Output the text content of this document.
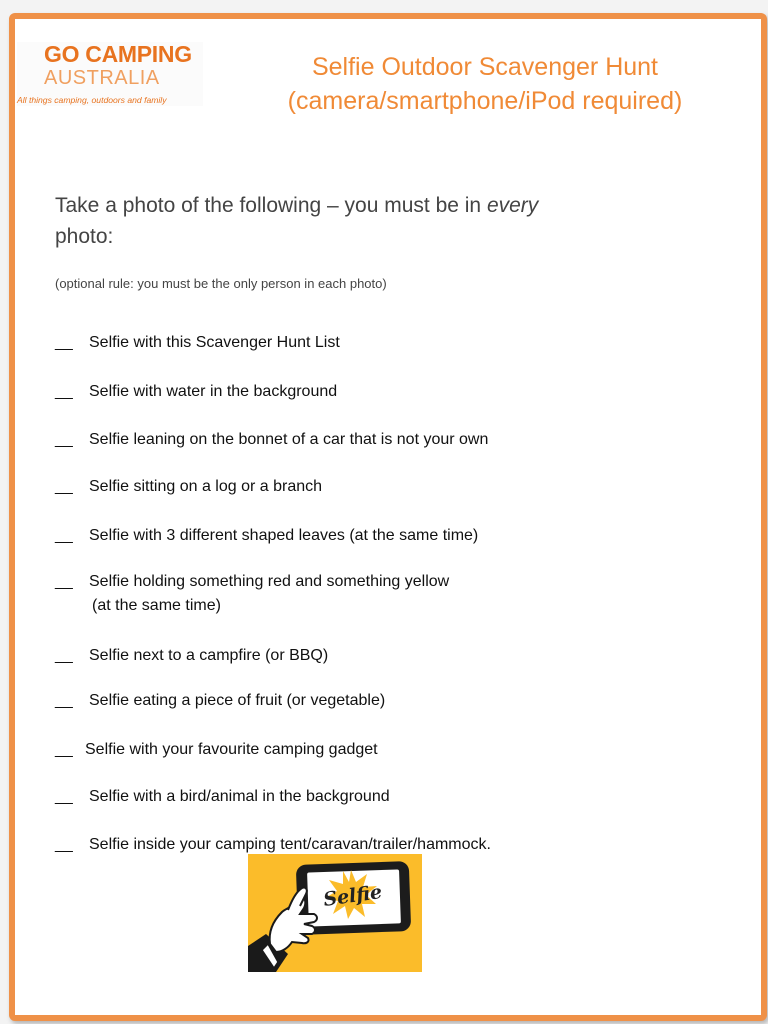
GO CAMPING
AUSTRALIA
All things camping, outdoors and family
Selfie Outdoor Scavenger Hunt
(camera/smartphone/iPod required)
Take a photo of the following – you must be in every
photo:
(optional rule: you must be the only person in each photo)
__	Selfie with this Scavenger Hunt List
__	Selfie with water in the background
__	Selfie leaning on the bonnet of a car that is not your own
__	Selfie sitting on a log or a branch
__	Selfie with 3 different shaped leaves (at the same time)
__	Selfie holding something red and something yellow
(at the same time)
__	Selfie next to a campfire (or BBQ)
__	Selfie eating a piece of fruit (or vegetable)
__ Selfie with your favourite camping gadget
__	Selfie with a bird/animal in the background
__	Selfie inside your camping tent/caravan/trailer/hammock.
Selfie
